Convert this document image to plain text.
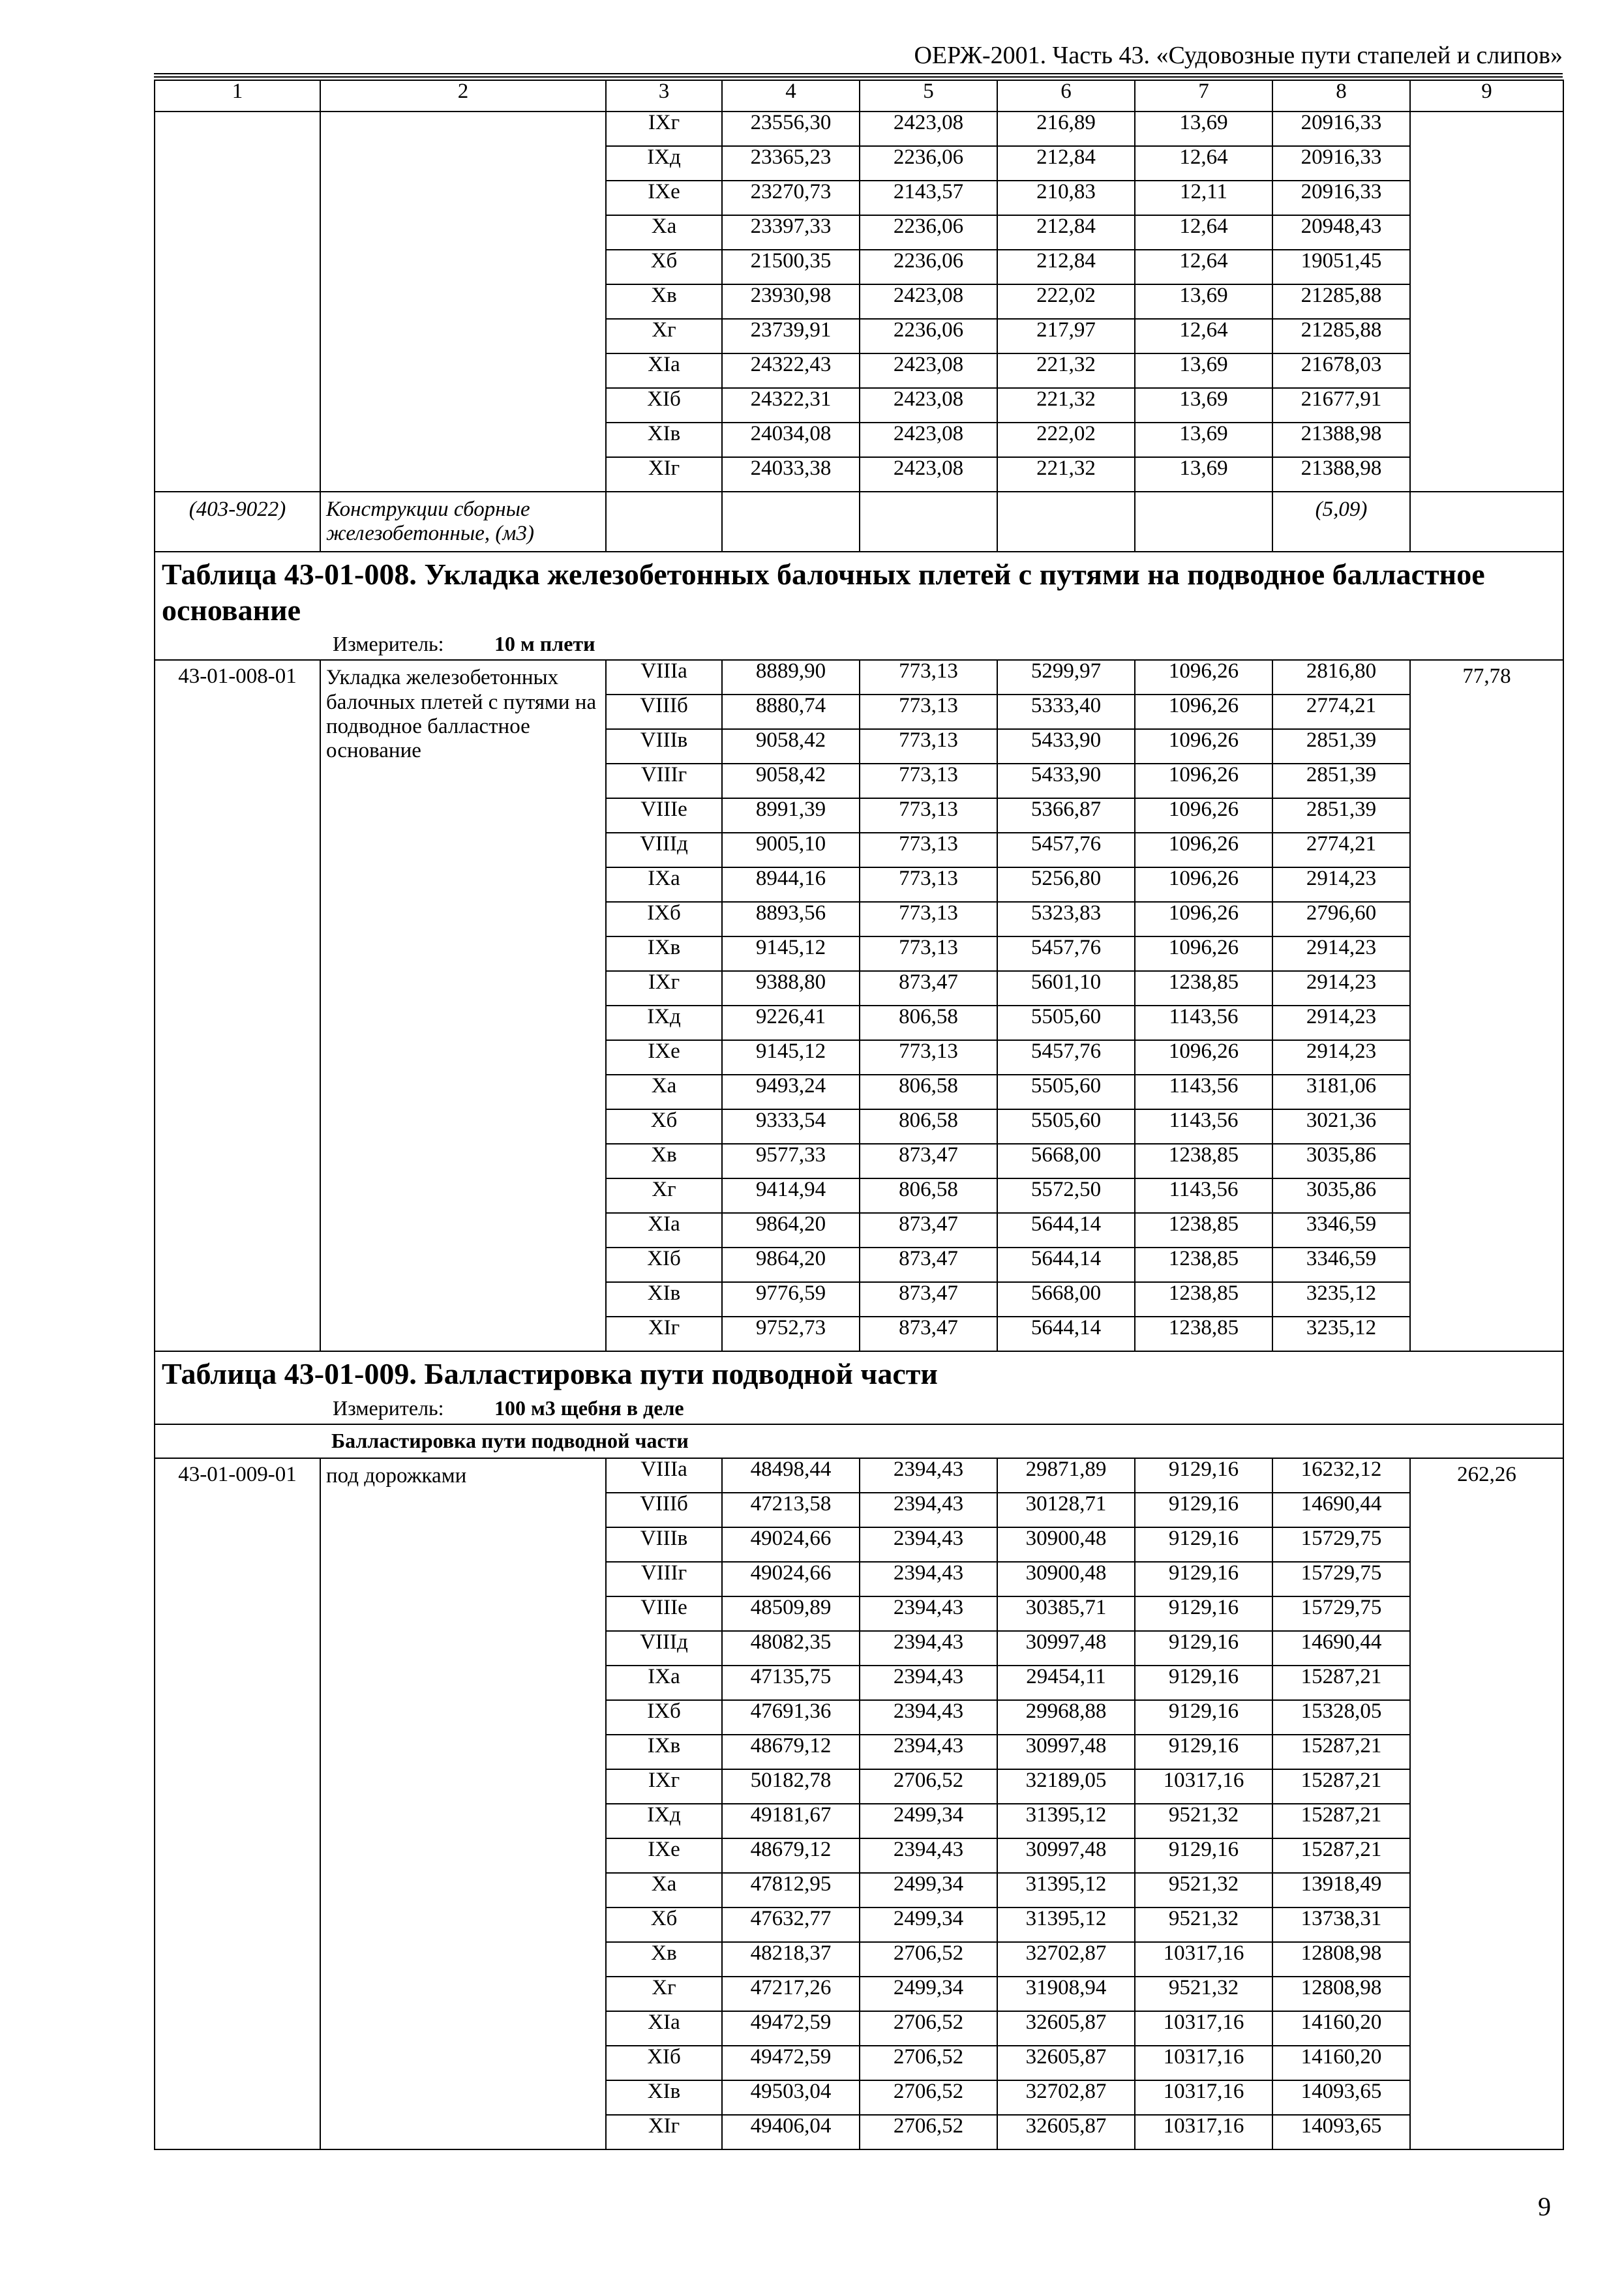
ОЕРЖ-2001. Часть 43. «Судовозные пути стапелей и слипов»
1	2	3	4	5	6	7	8	9
		IXг	23556,30	2423,08	216,89	13,69	20916,33	
		IXд	23365,23	2236,06	212,84	12,64	20916,33	
		IXе	23270,73	2143,57	210,83	12,11	20916,33	
		Xа	23397,33	2236,06	212,84	12,64	20948,43	
		Xб	21500,35	2236,06	212,84	12,64	19051,45	
		Xв	23930,98	2423,08	222,02	13,69	21285,88	
		Xг	23739,91	2236,06	217,97	12,64	21285,88	
		XIа	24322,43	2423,08	221,32	13,69	21678,03	
		XIб	24322,31	2423,08	221,32	13,69	21677,91	
		XIв	24034,08	2423,08	222,02	13,69	21388,98	
		XIг	24033,38	2423,08	221,32	13,69	21388,98	
(403-9022)	Конструкции сборные железобетонные, (м3)						(5,09)	

Таблица 43-01-008. Укладка железобетонных балочных плетей с путями на подводное балластное основание
Измеритель: 10 м плети								

43-01-008-01	Укладка железобетонных балочных плетей с путями на подводное балластное основание	VIIIа	8889,90	773,13	5299,97	1096,26	2816,80	77,78
		VIIIб	8880,74	773,13	5333,40	1096,26	2774,21	
		VIIIв	9058,42	773,13	5433,90	1096,26	2851,39	
		VIIIг	9058,42	773,13	5433,90	1096,26	2851,39	
		VIIIе	8991,39	773,13	5366,87	1096,26	2851,39	
		VIIIд	9005,10	773,13	5457,76	1096,26	2774,21	
		IXа	8944,16	773,13	5256,80	1096,26	2914,23	
		IXб	8893,56	773,13	5323,83	1096,26	2796,60	
		IXв	9145,12	773,13	5457,76	1096,26	2914,23	
		IXг	9388,80	873,47	5601,10	1238,85	2914,23	
		IXд	9226,41	806,58	5505,60	1143,56	2914,23	
		IXе	9145,12	773,13	5457,76	1096,26	2914,23	
		Xа	9493,24	806,58	5505,60	1143,56	3181,06	
		Xб	9333,54	806,58	5505,60	1143,56	3021,36	
		Xв	9577,33	873,47	5668,00	1238,85	3035,86	
		Xг	9414,94	806,58	5572,50	1143,56	3035,86	
		XIа	9864,20	873,47	5644,14	1238,85	3346,59	
		XIб	9864,20	873,47	5644,14	1238,85	3346,59	
		XIв	9776,59	873,47	5668,00	1238,85	3235,12	
		XIг	9752,73	873,47	5644,14	1238,85	3235,12	

Таблица 43-01-009. Балластировка пути подводной части
Измеритель: 100 м3 щебня в деле								

Балластировка пути подводной части								
43-01-009-01	под дорожками	VIIIа	48498,44	2394,43	29871,89	9129,16	16232,12	262,26
		VIIIб	47213,58	2394,43	30128,71	9129,16	14690,44	
		VIIIв	49024,66	2394,43	30900,48	9129,16	15729,75	
		VIIIг	49024,66	2394,43	30900,48	9129,16	15729,75	
		VIIIе	48509,89	2394,43	30385,71	9129,16	15729,75	
		VIIIд	48082,35	2394,43	30997,48	9129,16	14690,44	
		IXа	47135,75	2394,43	29454,11	9129,16	15287,21	
		IXб	47691,36	2394,43	29968,88	9129,16	15328,05	
		IXв	48679,12	2394,43	30997,48	9129,16	15287,21	
		IXг	50182,78	2706,52	32189,05	10317,16	15287,21	
		IXд	49181,67	2499,34	31395,12	9521,32	15287,21	
		IXе	48679,12	2394,43	30997,48	9129,16	15287,21	
		Xа	47812,95	2499,34	31395,12	9521,32	13918,49	
		Xб	47632,77	2499,34	31395,12	9521,32	13738,31	
		Xв	48218,37	2706,52	32702,87	10317,16	12808,98	
		Xг	47217,26	2499,34	31908,94	9521,32	12808,98	
		XIа	49472,59	2706,52	32605,87	10317,16	14160,20	
		XIб	49472,59	2706,52	32605,87	10317,16	14160,20	
		XIв	49503,04	2706,52	32702,87	10317,16	14093,65	
		XIг	49406,04	2706,52	32605,87	10317,16	14093,65	
9
